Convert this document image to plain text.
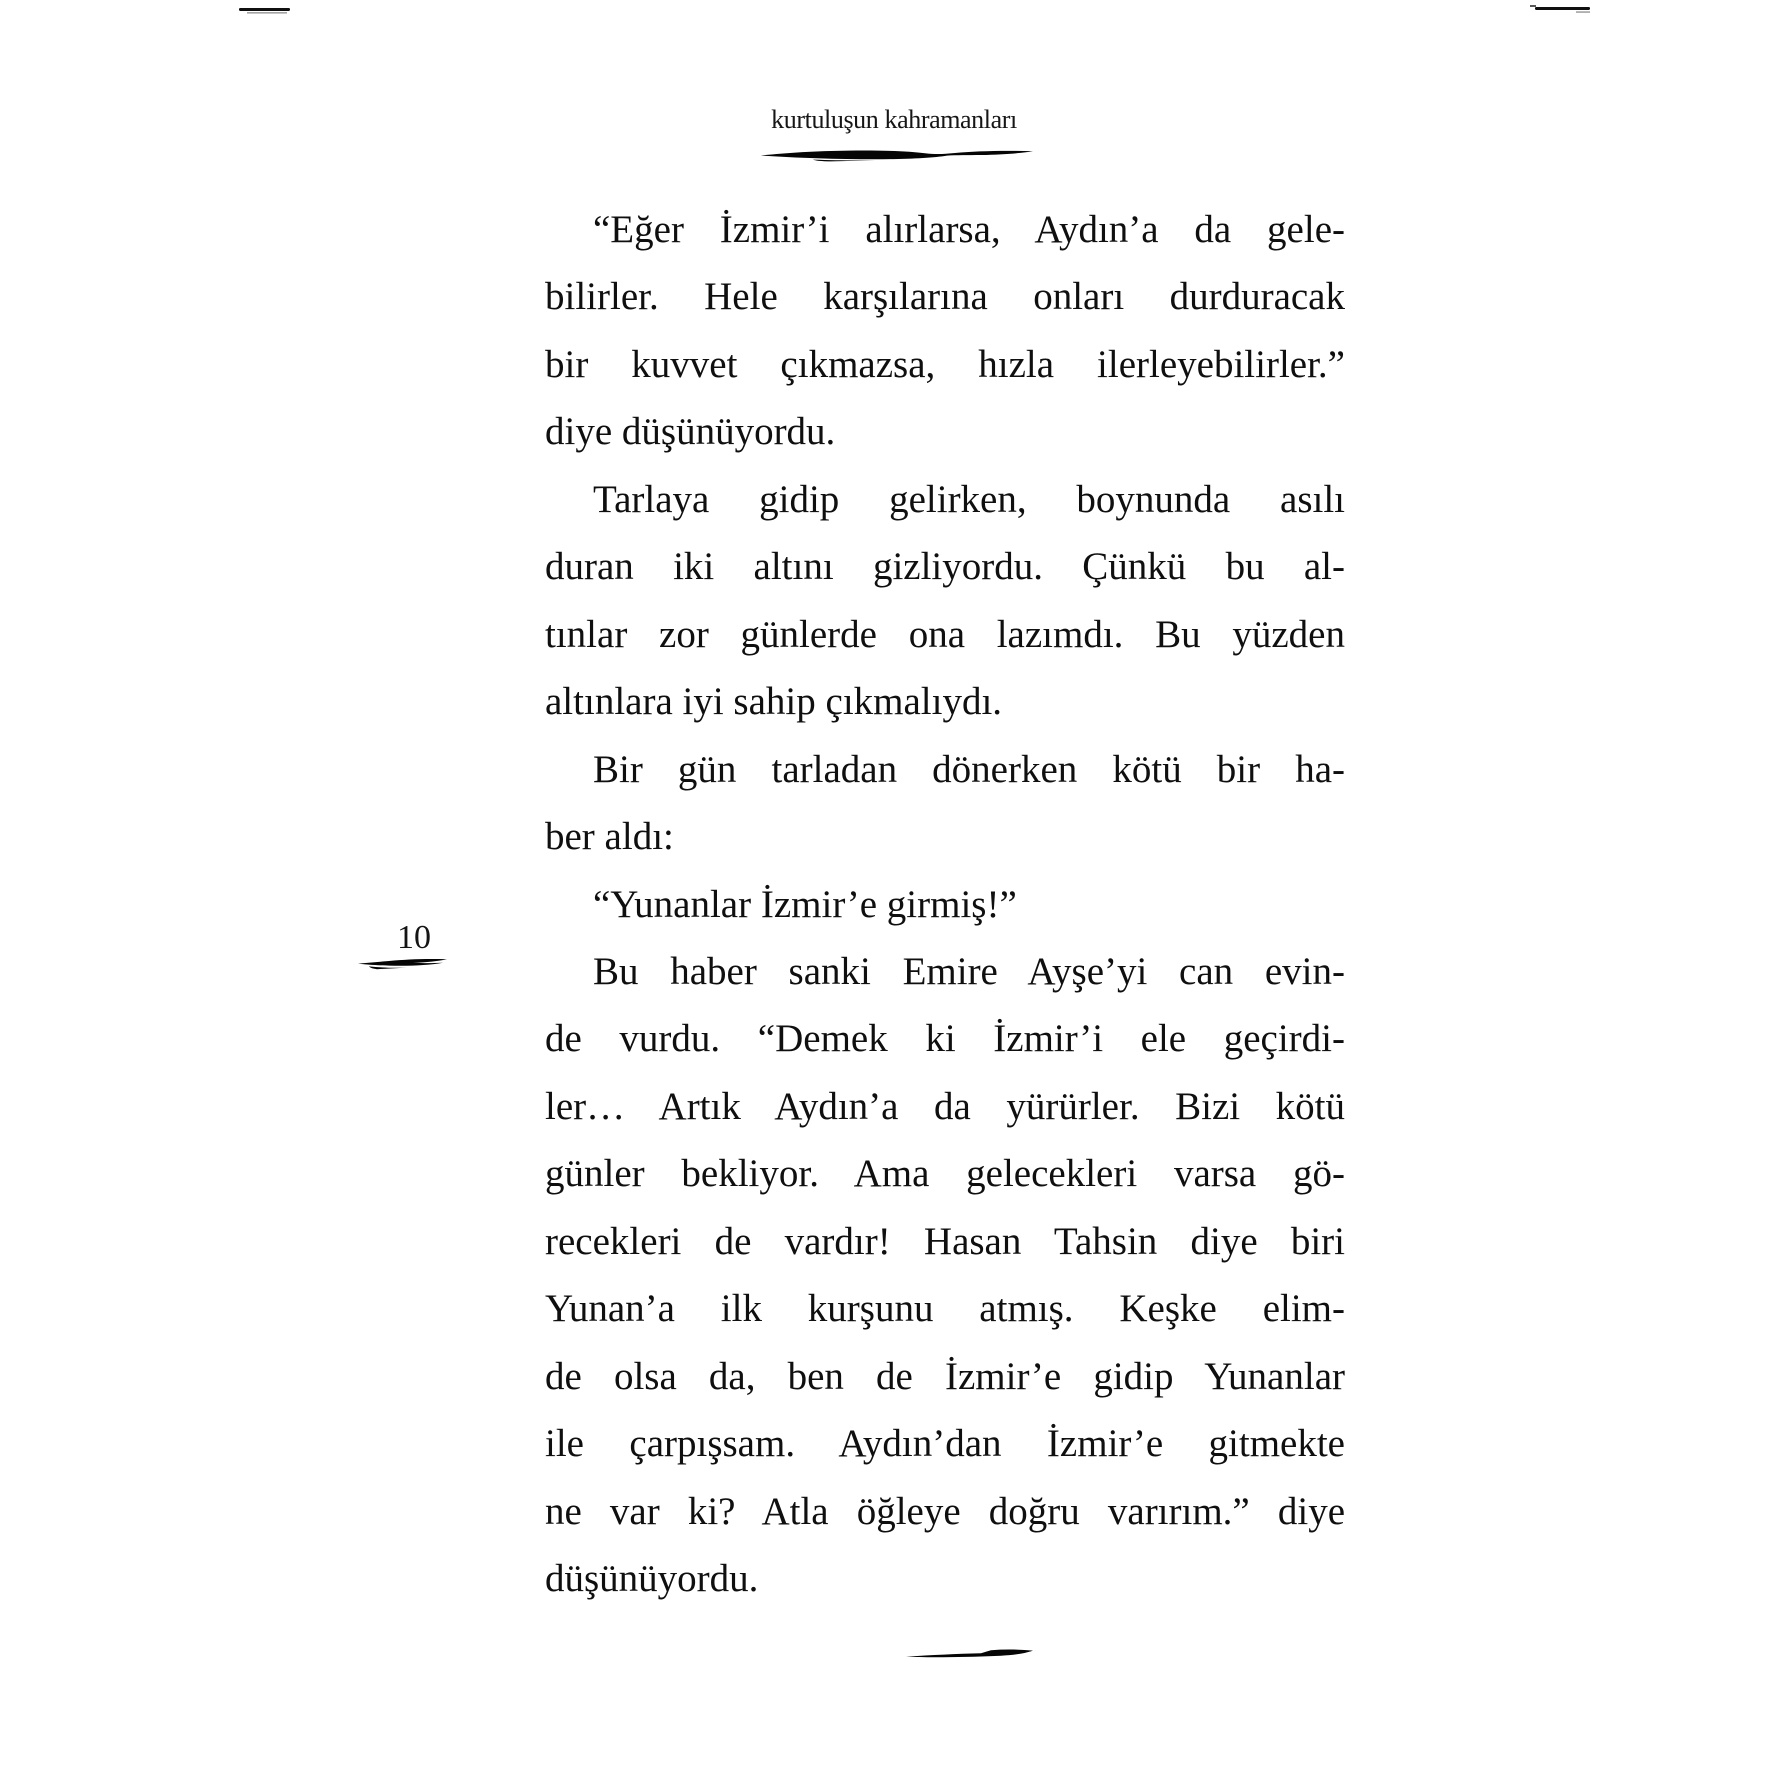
kurtuluşun kahramanları
10
“Eğer İzmir’i alırlarsa, Aydın’a da gele-
bilirler. Hele karşılarına onları durduracak
bir kuvvet çıkmazsa, hızla ilerleyebilirler.”
diye düşünüyordu.
Tarlaya gidip gelirken, boynunda asılı
duran iki altını gizliyordu. Çünkü bu al-
tınlar zor günlerde ona lazımdı. Bu yüzden
altınlara iyi sahip çıkmalıydı.
Bir gün tarladan dönerken kötü bir ha-
ber aldı:
“Yunanlar İzmir’e girmiş!”
Bu haber sanki Emire Ayşe’yi can evin-
de vurdu. “Demek ki İzmir’i ele geçirdi-
ler… Artık Aydın’a da yürürler. Bizi kötü
günler bekliyor. Ama gelecekleri varsa gö-
recekleri de vardır! Hasan Tahsin diye biri
Yunan’a ilk kurşunu atmış. Keşke elim-
de olsa da, ben de İzmir’e gidip Yunanlar
ile çarpışsam. Aydın’dan İzmir’e gitmekte
ne var ki? Atla öğleye doğru varırım.” diye
düşünüyordu.
